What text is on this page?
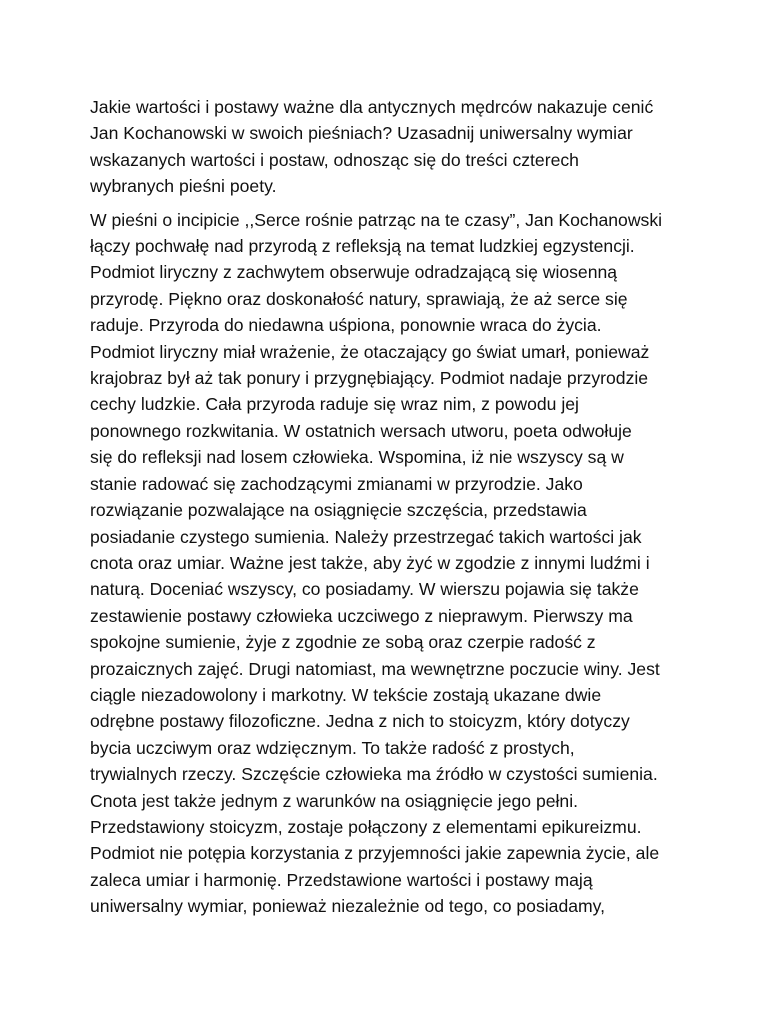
Jakie wartości i postawy ważne dla antycznych mędrców nakazuje cenić
Jan Kochanowski w swoich pieśniach? Uzasadnij uniwersalny wymiar
wskazanych wartości i postaw, odnosząc się do treści czterech
wybranych pieśni poety.
W pieśni o incipicie ,,Serce rośnie patrząc na te czasy”, Jan Kochanowski
łączy pochwałę nad przyrodą z refleksją na temat ludzkiej egzystencji.
Podmiot liryczny z zachwytem obserwuje odradzającą się wiosenną
przyrodę. Piękno oraz doskonałość natury, sprawiają, że aż serce się
raduje. Przyroda do niedawna uśpiona, ponownie wraca do życia.
Podmiot liryczny miał wrażenie, że otaczający go świat umarł, ponieważ
krajobraz był aż tak ponury i przygnębiający. Podmiot nadaje przyrodzie
cechy ludzkie. Cała przyroda raduje się wraz nim, z powodu jej
ponownego rozkwitania. W ostatnich wersach utworu, poeta odwołuje
się do refleksji nad losem człowieka. Wspomina, iż nie wszyscy są w
stanie radować się zachodzącymi zmianami w przyrodzie. Jako
rozwiązanie pozwalające na osiągnięcie szczęścia, przedstawia
posiadanie czystego sumienia. Należy przestrzegać takich wartości jak
cnota oraz umiar. Ważne jest także, aby żyć w zgodzie z innymi ludźmi i
naturą. Doceniać wszyscy, co posiadamy. W wierszu pojawia się także
zestawienie postawy człowieka uczciwego z nieprawym. Pierwszy ma
spokojne sumienie, żyje z zgodnie ze sobą oraz czerpie radość z
prozaicznych zajęć. Drugi natomiast, ma wewnętrzne poczucie winy. Jest
ciągle niezadowolony i markotny. W tekście zostają ukazane dwie
odrębne postawy filozoficzne. Jedna z nich to stoicyzm, który dotyczy
bycia uczciwym oraz wdzięcznym. To także radość z prostych,
trywialnych rzeczy. Szczęście człowieka ma źródło w czystości sumienia.
Cnota jest także jednym z warunków na osiągnięcie jego pełni.
Przedstawiony stoicyzm, zostaje połączony z elementami epikureizmu.
Podmiot nie potępia korzystania z przyjemności jakie zapewnia życie, ale
zaleca umiar i harmonię. Przedstawione wartości i postawy mają
uniwersalny wymiar, ponieważ niezależnie od tego, co posiadamy,
